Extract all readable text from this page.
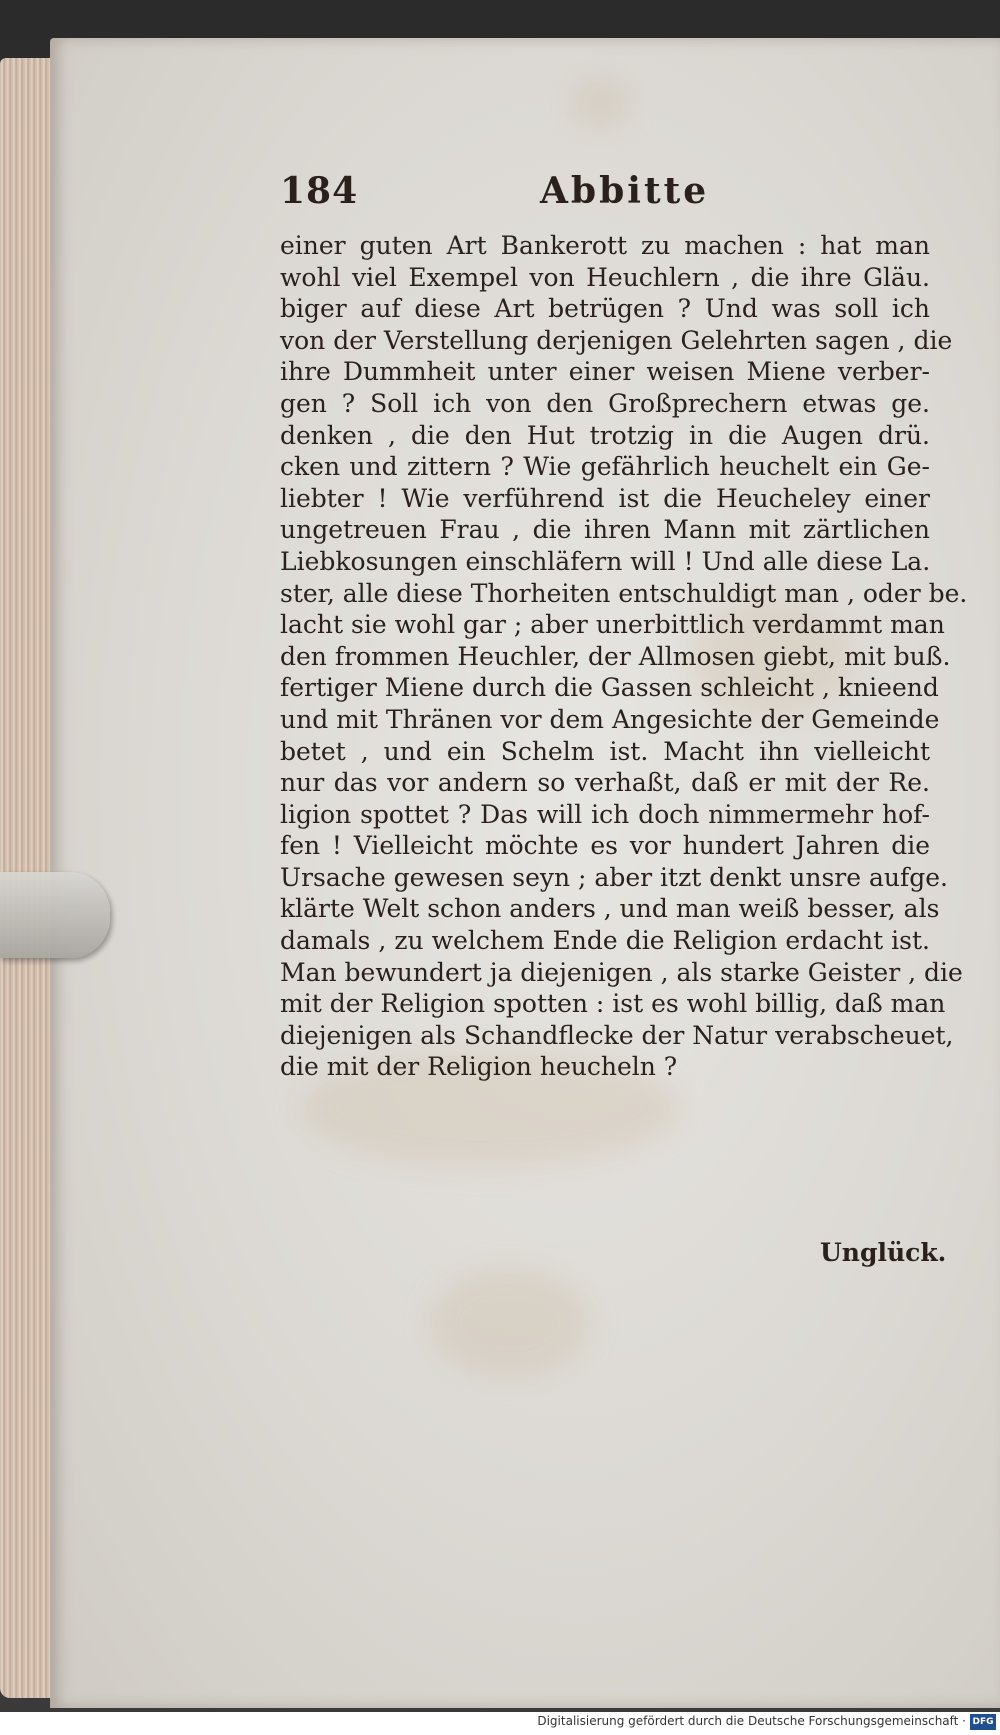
184	Abbitte
einer guten Art Bankerott zu machen : hat man
wohl viel Exempel von Heuchlern , die ihre Gläu.
biger auf diese Art betrügen ? Und was soll ich
von der Verstellung derjenigen Gelehrten sagen , die
ihre Dummheit unter einer weisen Miene verber-
gen ? Soll ich von den Großprechern etwas ge.
denken , die den Hut trotzig in die Augen drü.
cken und zittern ? Wie gefährlich heuchelt ein Ge-
liebter ! Wie verführend ist die Heucheley einer
ungetreuen Frau , die ihren Mann mit zärtlichen
Liebkosungen einschläfern will ! Und alle diese La.
ster, alle diese Thorheiten entschuldigt man , oder be.
lacht sie wohl gar ; aber unerbittlich verdammt man
den frommen Heuchler, der Allmosen giebt, mit buß.
fertiger Miene durch die Gassen schleicht , knieend
und mit Thränen vor dem Angesichte der Gemeinde
betet , und ein Schelm ist. Macht ihn vielleicht
nur das vor andern so verhaßt, daß er mit der Re.
ligion spottet ? Das will ich doch nimmermehr hof-
fen ! Vielleicht möchte es vor hundert Jahren die
Ursache gewesen seyn ; aber itzt denkt unsre aufge.
klärte Welt schon anders , und man weiß besser, als
damals , zu welchem Ende die Religion erdacht ist.
Man bewundert ja diejenigen , als starke Geister , die
mit der Religion spotten : ist es wohl billig, daß man
diejenigen als Schandflecke der Natur verabscheuet,
die mit der Religion heucheln ?
Unglück.
Digitalisierung gefördert durch die Deutsche Forschungsgemeinschaft · DFG
